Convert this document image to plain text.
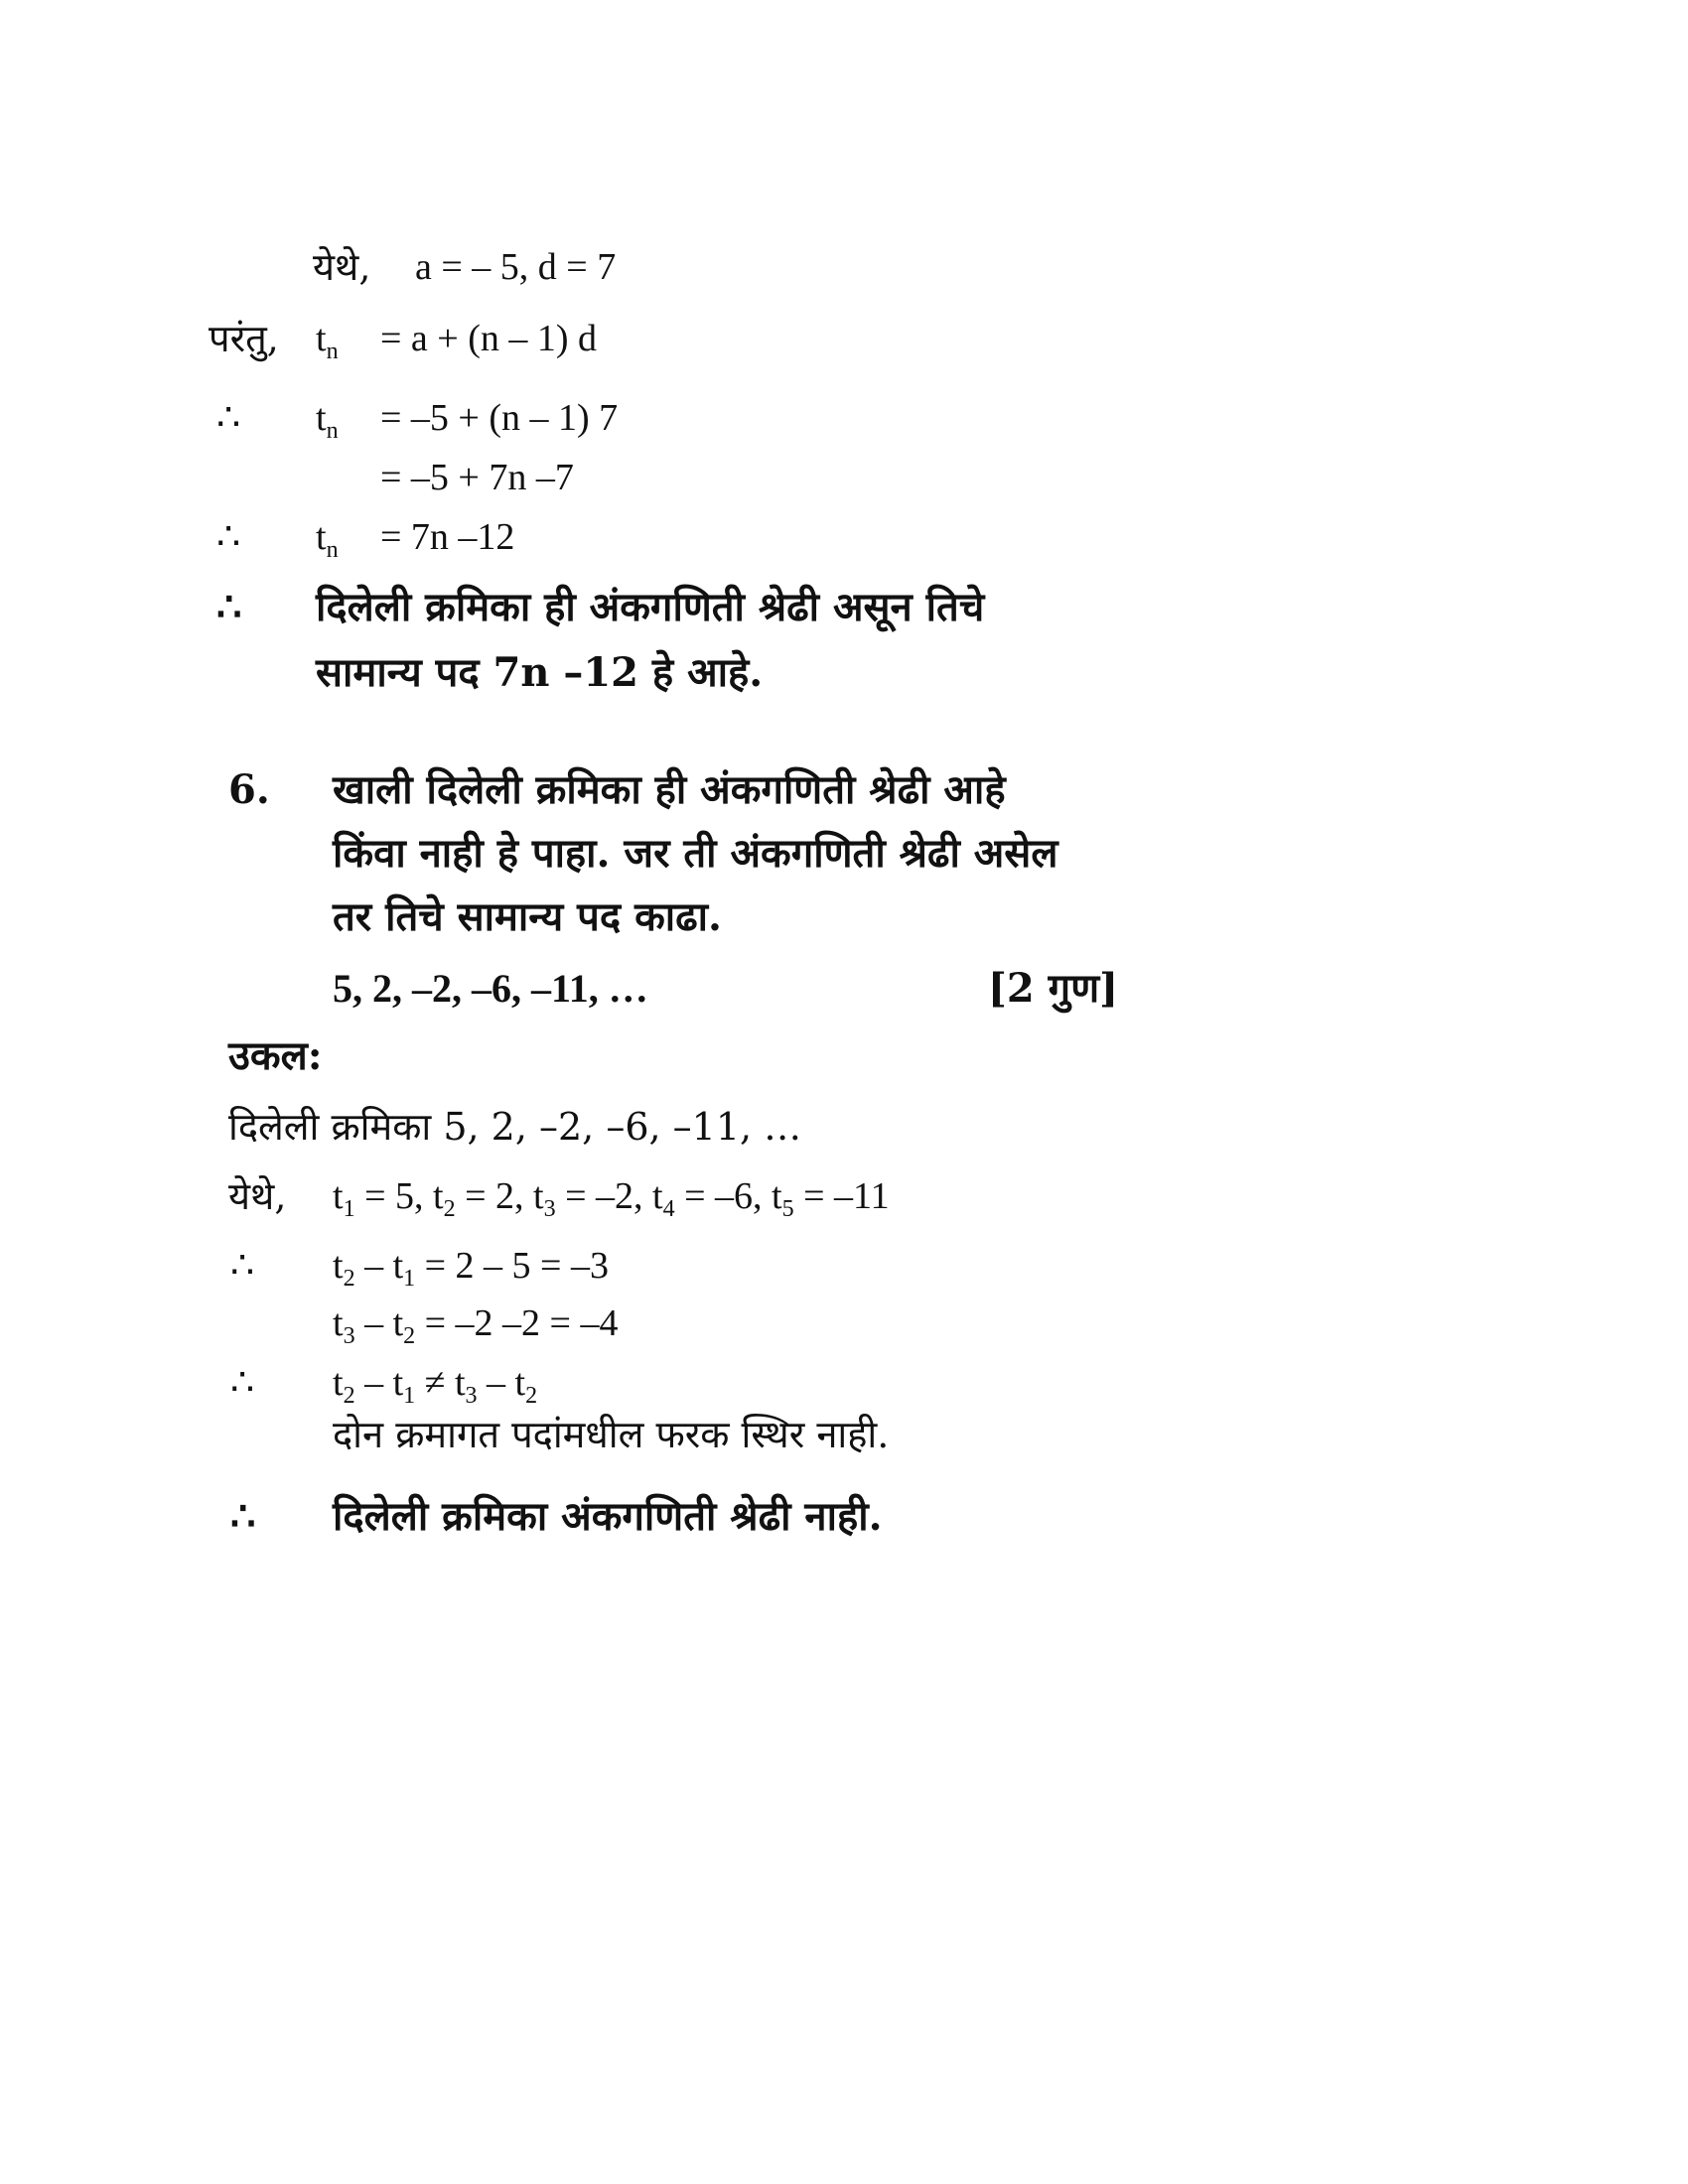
येथे, a = – 5, d = 7
परंतु, $t_n = a + (n - 1)$ d
∴ $t_n = -5 + (n - 1)$ 7
= –5 + 7n –7
∴ $t_n = 7n$ –12
∴ दिलेली क्रमिका ही अंकगणिती श्रेढी असून तिचे
सामान्य पद 7n –12 हे आहे.
6. खाली दिलेली क्रमिका ही अंकगणिती श्रेढी आहे
किंवा नाही हे पाहा. जर ती अंकगणिती श्रेढी असेल
तर तिचे सामान्य पद काढा.
5, 2, –2, –6, –11, …	[2 गुण]
उकल:
दिलेली क्रमिका 5, 2, –2, –6, –11, …
येथे, $t_1 = 5$, $t_2 = 2$, $t_3 = -2$, $t_4 = -6$, $t_5 = -11$
∴ $t_2 - t_1 = 2 - 5 = -3$
$t_3 - t_2 = -2$ –2 = –4
∴ $t_2 - t_1 \ne t_3 - t_2$
दोन क्रमागत पदांमधील फरक स्थिर नाही.
∴ दिलेली क्रमिका अंकगणिती श्रेढी नाही.
